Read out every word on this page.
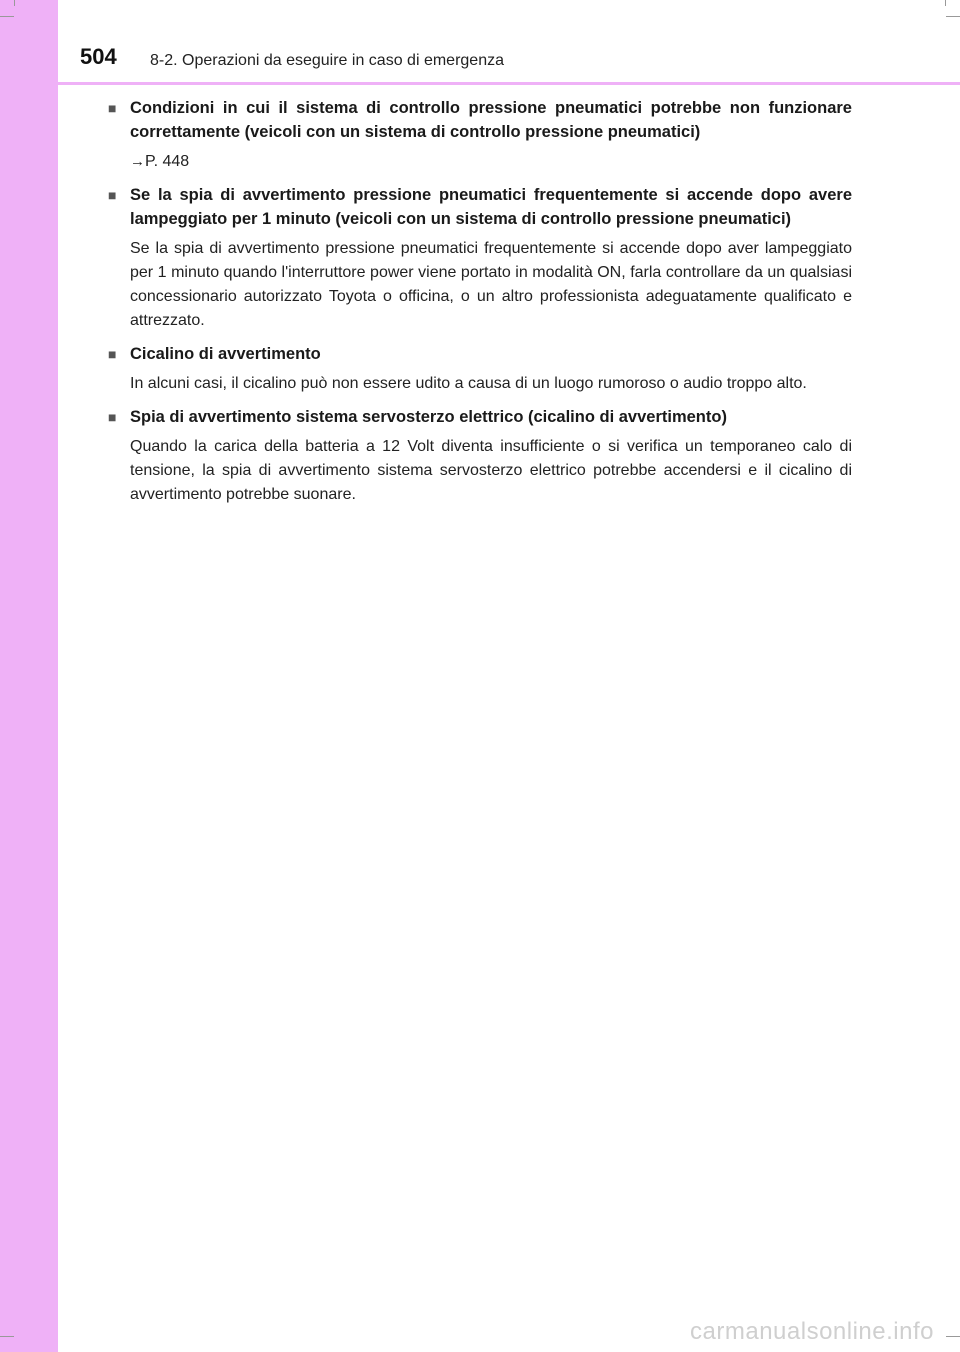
504 8-2. Operazioni da eseguire in caso di emergenza
■ Condizioni in cui il sistema di controllo pressione pneumatici potrebbe non funzionare correttamente (veicoli con un sistema di controllo pressione pneumatici)
→P. 448
■ Se la spia di avvertimento pressione pneumatici frequentemente si accende dopo avere lampeggiato per 1 minuto (veicoli con un sistema di controllo pressione pneumatici)
Se la spia di avvertimento pressione pneumatici frequentemente si accende dopo aver lampeggiato per 1 minuto quando l'interruttore power viene portato in modalità ON, farla controllare da un qualsiasi concessionario autorizzato Toyota o officina, o un altro professionista adeguatamente qualificato e attrezzato.
■ Cicalino di avvertimento
In alcuni casi, il cicalino può non essere udito a causa di un luogo rumoroso o audio troppo alto.
■ Spia di avvertimento sistema servosterzo elettrico (cicalino di avvertimento)
Quando la carica della batteria a 12 Volt diventa insufficiente o si verifica un temporaneo calo di tensione, la spia di avvertimento sistema servosterzo elettrico potrebbe accendersi e il cicalino di avvertimento potrebbe suonare.
carmanualsonline.info
